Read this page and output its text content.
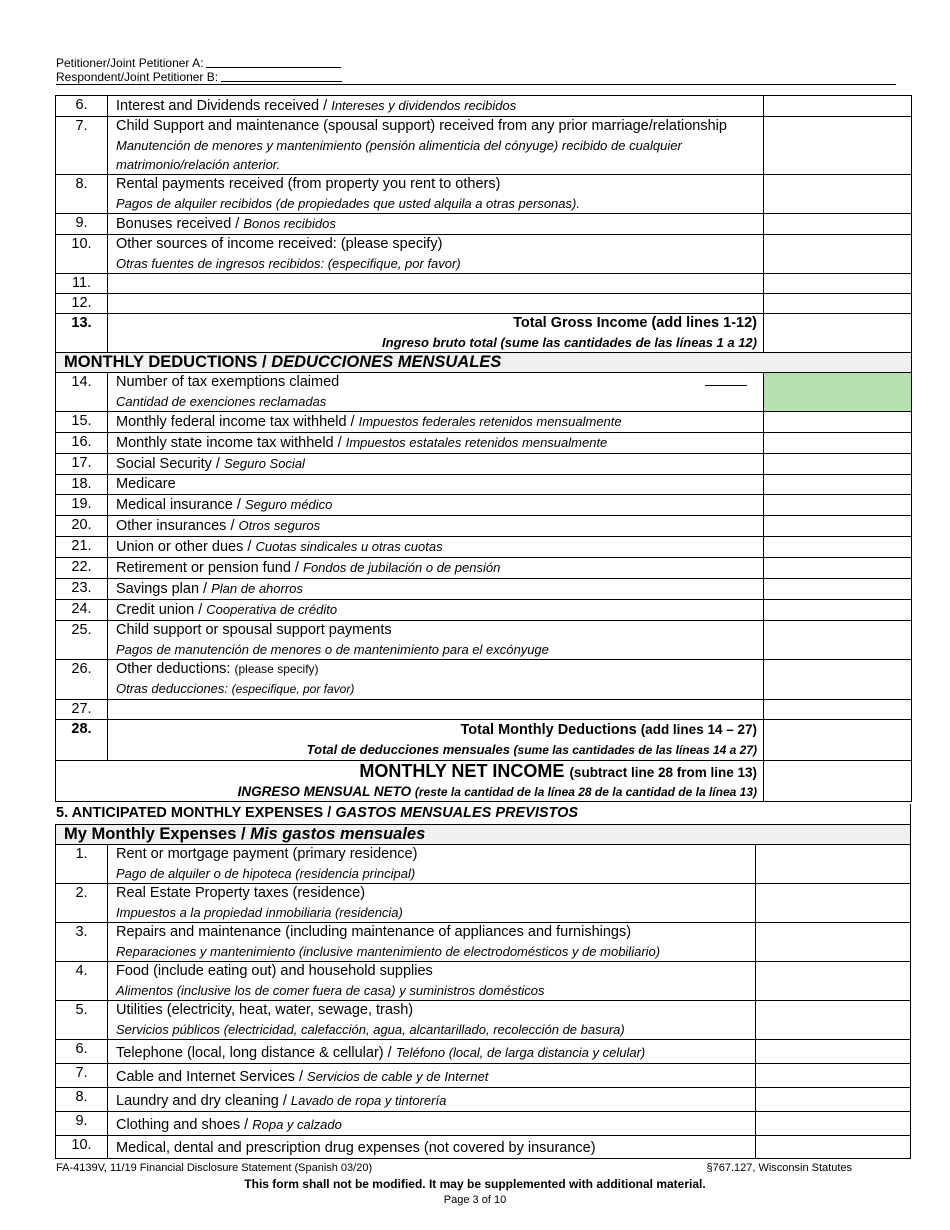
Petitioner/Joint Petitioner A:
Respondent/Joint Petitioner B:
6.	Interest and Dividends received / Intereses y dividendos recibidos	
7.	Child Support and maintenance (spousal support) received from any prior marriage/relationship
Manutención de menores y mantenimiento (pensión alimenticia del cónyuge) recibido de cualquier matrimonio/relación anterior.	

8.	Rental payments received (from property you rent to others)
Pagos de alquiler recibidos (de propiedades que usted alquila a otras personas).	

9.	Bonuses received / Bonos recibidos	
10.	Other sources of income received: (please specify)
Otras fuentes de ingresos recibidos: (especifique, por favor)	

11.		
12.		
13.	Total Gross Income (add lines 1-12)
Ingreso bruto total (sume las cantidades de las líneas 1 a 12)	

MONTHLY DEDUCTIONS / DEDUCCIONES MENSUALES		
14.	Number of tax exemptions claimed
Cantidad de exenciones reclamadas	

15.	Monthly federal income tax withheld / Impuestos federales retenidos mensualmente	
16.	Monthly state income tax withheld / Impuestos estatales retenidos mensualmente	
17.	Social Security / Seguro Social	
18.	Medicare	
19.	Medical insurance / Seguro médico	
20.	Other insurances / Otros seguros	
21.	Union or other dues / Cuotas sindicales u otras cuotas	
22.	Retirement or pension fund / Fondos de jubilación o de pensión	
23.	Savings plan / Plan de ahorros	
24.	Credit union / Cooperativa de crédito	
25.	Child support or spousal support payments
Pagos de manutención de menores o de mantenimiento para el excónyuge	

26.	Other deductions: (please specify)
Otras deducciones: (especifique, por favor)	

27.		
28.	Total Monthly Deductions (add lines 14 – 27)
Total de deducciones mensuales (sume las cantidades de las líneas 14 a 27)	

MONTHLY NET INCOME (subtract line 28 from line 13)
INGRESO MENSUAL NETO (reste la cantidad de la línea 28 de la cantidad de la línea 13)		

5. ANTICIPATED MONTHLY EXPENSES / GASTOS MENSUALES PREVISTOS
My Monthly Expenses / Mis gastos mensuales		
1.	Rent or mortgage payment (primary residence)
Pago de alquiler o de hipoteca (residencia principal)	

2.	Real Estate Property taxes (residence)
Impuestos a la propiedad inmobiliaria (residencia)	

3.	Repairs and maintenance (including maintenance of appliances and furnishings)
Reparaciones y mantenimiento (inclusive mantenimiento de electrodomésticos y de mobiliario)	

4.	Food (include eating out) and household supplies
Alimentos (inclusive los de comer fuera de casa) y suministros domésticos	

5.	Utilities (electricity, heat, water, sewage, trash)
Servicios públicos (electricidad, calefacción, agua, alcantarillado, recolección de basura)	

6.	Telephone (local, long distance & cellular) / Teléfono (local, de larga distancia y celular)	
7.	Cable and Internet Services / Servicios de cable y de Internet	
8.	Laundry and dry cleaning / Lavado de ropa y tintorería	
9.	Clothing and shoes / Ropa y calzado	
10.	Medical, dental and prescription drug expenses (not covered by insurance)	
FA-4139V, 11/19 Financial Disclosure Statement (Spanish 03/20)	§767.127, Wisconsin Statutes
This form shall not be modified. It may be supplemented with additional material.
Page 3 of 10
